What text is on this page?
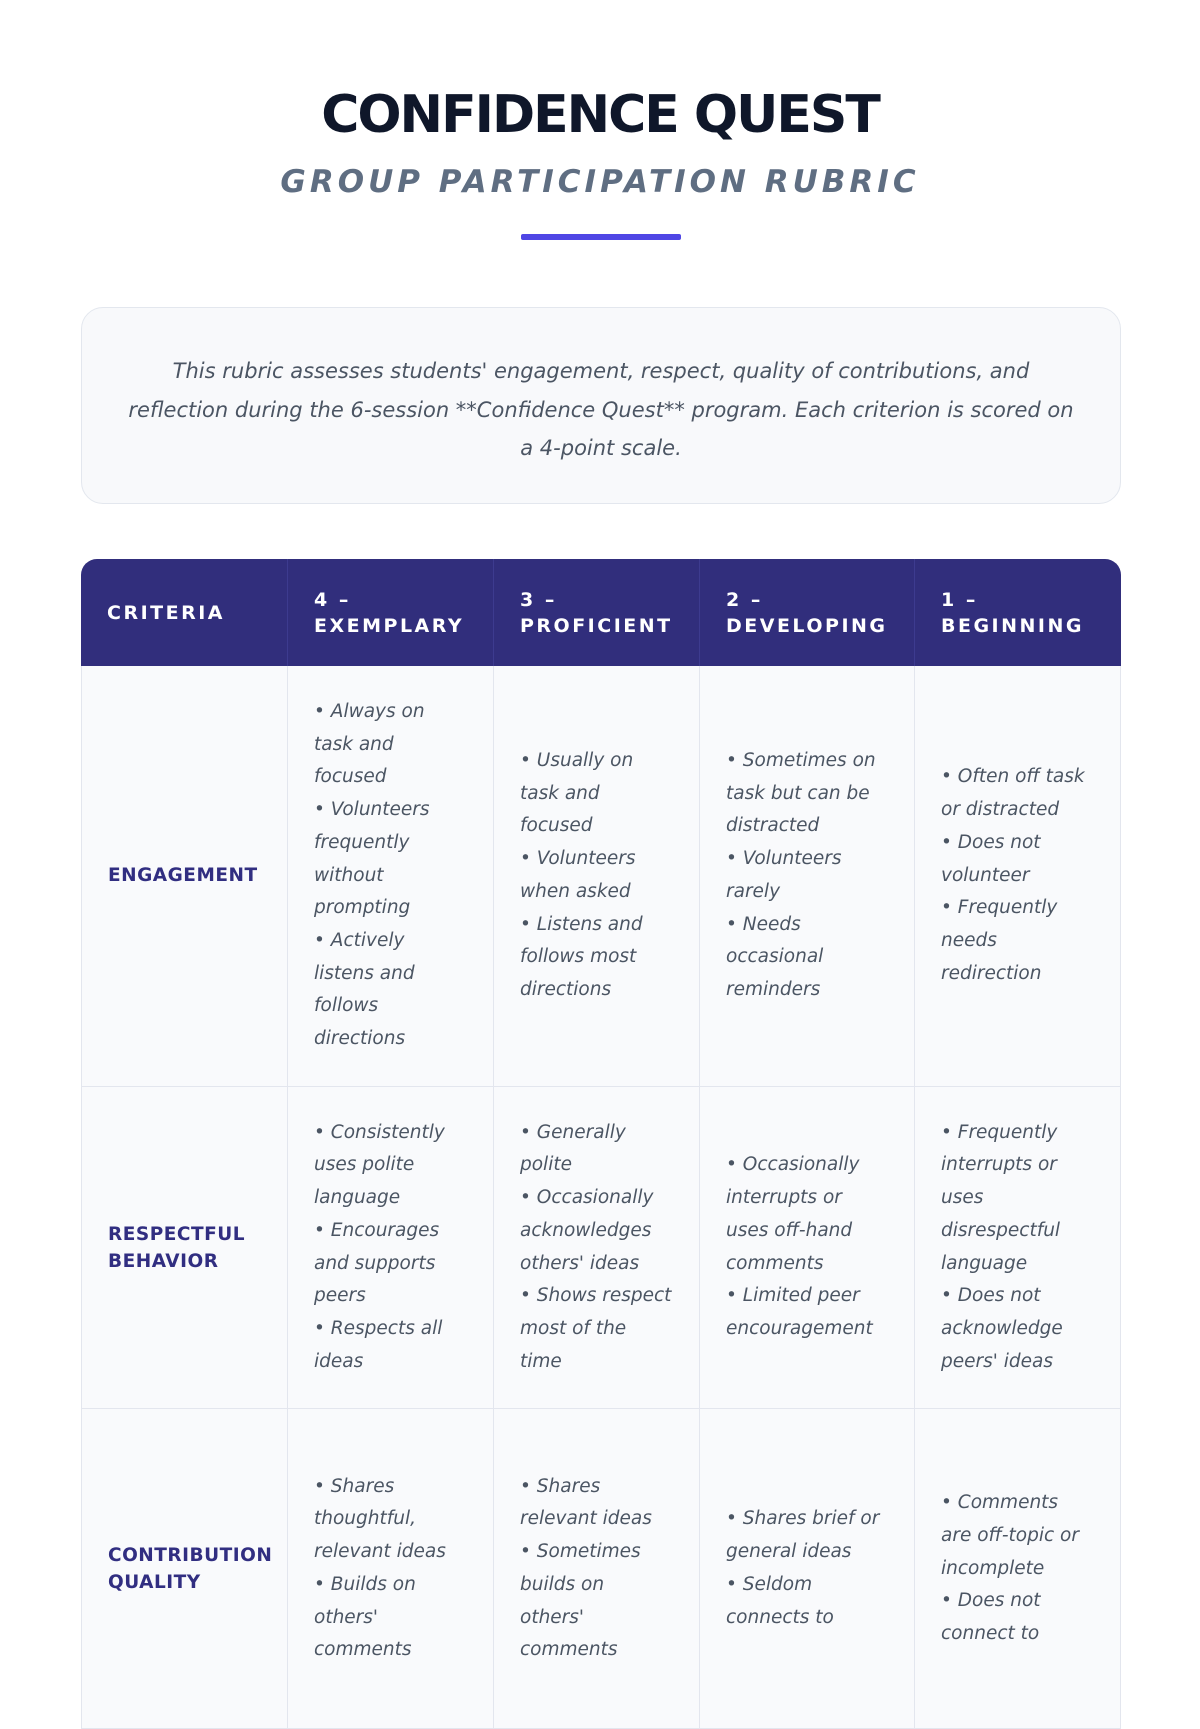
CONFIDENCE QUEST
GROUP PARTICIPATION RUBRIC

This rubric assesses students' engagement, respect, quality of contributions, and reflection during the 6-session **Confidence Quest** program. Each criterion is scored on a 4-point scale.

CRITERIA	4 – EXEMPLARY	3 – PROFICIENT	2 – DEVELOPING	1 – BEGINNING
ENGAGEMENT	• Always on task and focused
• Volunteers frequently without prompting
• Actively listens and follows directions	• Usually on task and focused
• Volunteers when asked
• Listens and follows most directions	• Sometimes on task but can be distracted
• Volunteers rarely
• Needs occasional reminders	• Often off task or distracted
• Does not volunteer
• Frequently needs redirection

RESPECTFUL BEHAVIOR	• Consistently uses polite language
• Encourages and supports peers
• Respects all ideas	• Generally polite
• Occasionally acknowledges others' ideas
• Shows respect most of the time	• Occasionally interrupts or uses off-hand comments
• Limited peer encouragement	• Frequently interrupts or uses disrespectful language
• Does not acknowledge peers' ideas

CONTRIBUTION QUALITY	• Shares thoughtful, relevant ideas
• Builds on others' comments	• Shares relevant ideas
• Sometimes builds on others' comments	• Shares brief or general ideas
• Seldom connects to	• Comments are off-topic or incomplete
• Does not connect to
